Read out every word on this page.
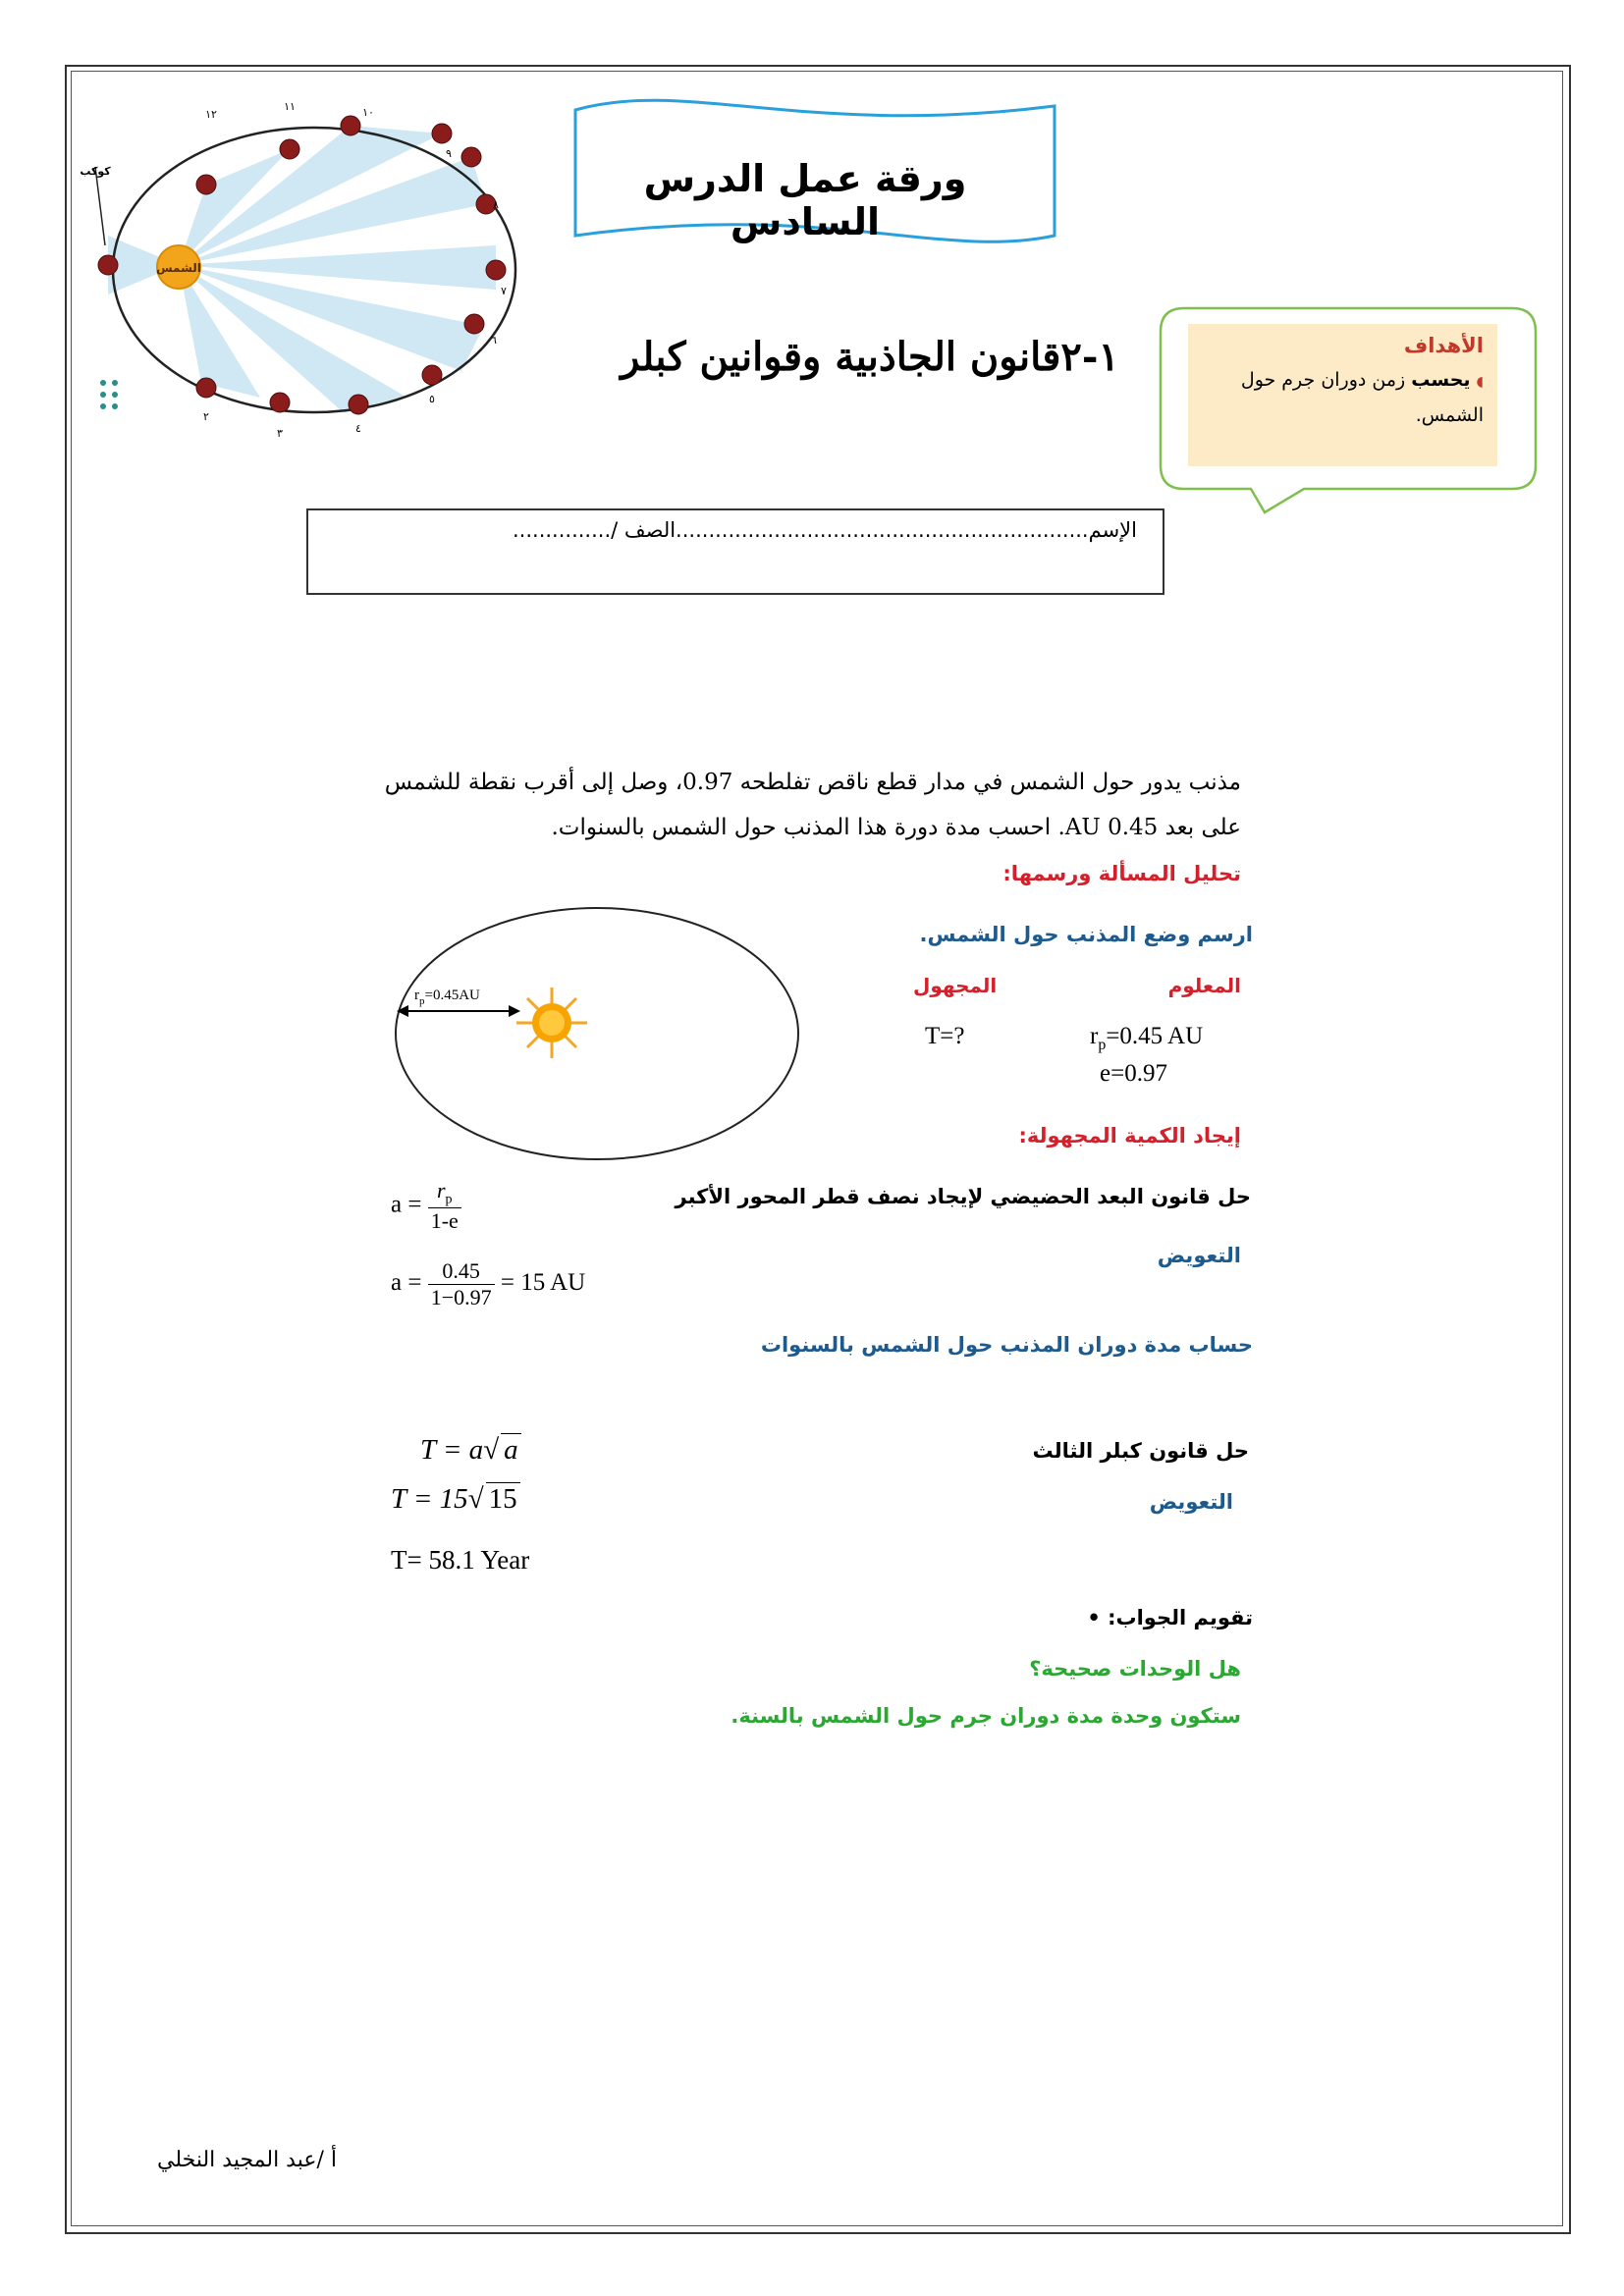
الشمس
كوكب
٢
٣	٤
٥
٦
٧
٨
٩
١٠
١١
١٢
ورقة عمل الدرس السادس
١-٢قانون الجاذبية وقوانين كبلر	الأهداف
◖ يحسب زمن دوران جرم حول الشمس.
الإسم...............................................................الصف /...............
مذنب يدور حول الشمس في مدار قطع ناقص تفلطحه 0.97، وصل إلى أقرب نقطة للشمس
على بعد 0.45 AU. احسب مدة دورة هذا المذنب حول الشمس بالسنوات.
تحليل المسألة ورسمها:
ارسم وضع المذنب حول الشمس.
المعلوم
المجهول
$r_p=0.45$ AU
e=0.97
T=?
$r_p=0.45AU$
إيجاد الكمية المجهولة:
حل قانون البعد الحضيضي لإيجاد نصف قطر المحور الأكبر
التعويض
$a = \frac{r_p}{1-e}$
$a = \frac{0.45}{1-0.97} = 15$ AU
حساب مدة دوران المذنب حول الشمس بالسنوات
حل قانون كبلر الثالث
التعويض
T = a√ a
T = 15√ 15
T= 58.1 Year
تقويم الجواب: •
هل الوحدات صحيحة؟
ستكون وحدة مدة دوران جرم حول الشمس بالسنة.
أ /عبد المجيد النخلي
